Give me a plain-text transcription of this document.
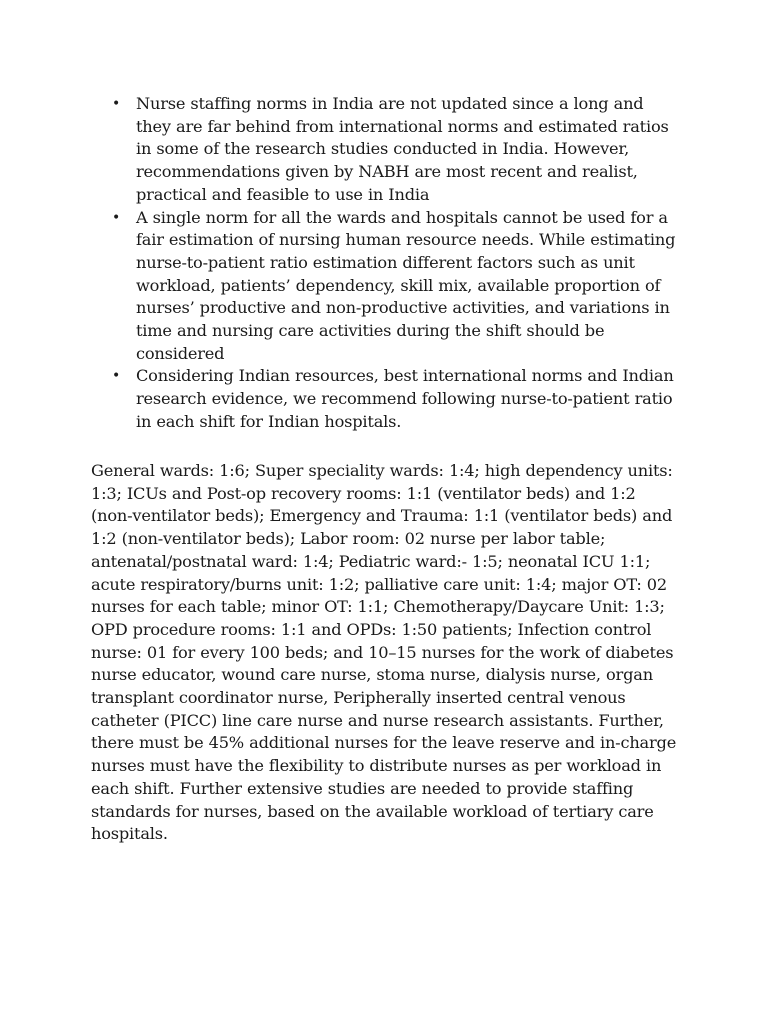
• Nurse staffing norms in India are not updated since a long and they are far behind from international norms and estimated ratios in some of the research studies conducted in India. However, recommendations given by NABH are most recent and realist, practical and feasible to use in India
• A single norm for all the wards and hospitals cannot be used for a fair estimation of nursing human resource needs. While estimating nurse-to-patient ratio estimation different factors such as unit workload, patients’ dependency, skill mix, available proportion of nurses’ productive and non-productive activities, and variations in time and nursing care activities during the shift should be considered
• Considering Indian resources, best international norms and Indian research evidence, we recommend following nurse-to-patient ratio in each shift for Indian hospitals.

General wards: 1:6; Super speciality wards: 1:4; high dependency units: 1:3; ICUs and Post-op recovery rooms: 1:1 (ventilator beds) and 1:2 (non-ventilator beds); Emergency and Trauma: 1:1 (ventilator beds) and 1:2 (non-ventilator beds); Labor room: 02 nurse per labor table; antenatal/postnatal ward: 1:4; Pediatric ward:- 1:5; neonatal ICU 1:1; acute respiratory/burns unit: 1:2; palliative care unit: 1:4; major OT: 02 nurses for each table; minor OT: 1:1; Chemotherapy/Daycare Unit: 1:3; OPD procedure rooms: 1:1 and OPDs: 1:50 patients; Infection control nurse: 01 for every 100 beds; and 10–15 nurses for the work of diabetes nurse educator, wound care nurse, stoma nurse, dialysis nurse, organ transplant coordinator nurse, Peripherally inserted central venous catheter (PICC) line care nurse and nurse research assistants. Further, there must be 45% additional nurses for the leave reserve and in-charge nurses must have the flexibility to distribute nurses as per workload in each shift. Further extensive studies are needed to provide staffing standards for nurses, based on the available workload of tertiary care hospitals.
